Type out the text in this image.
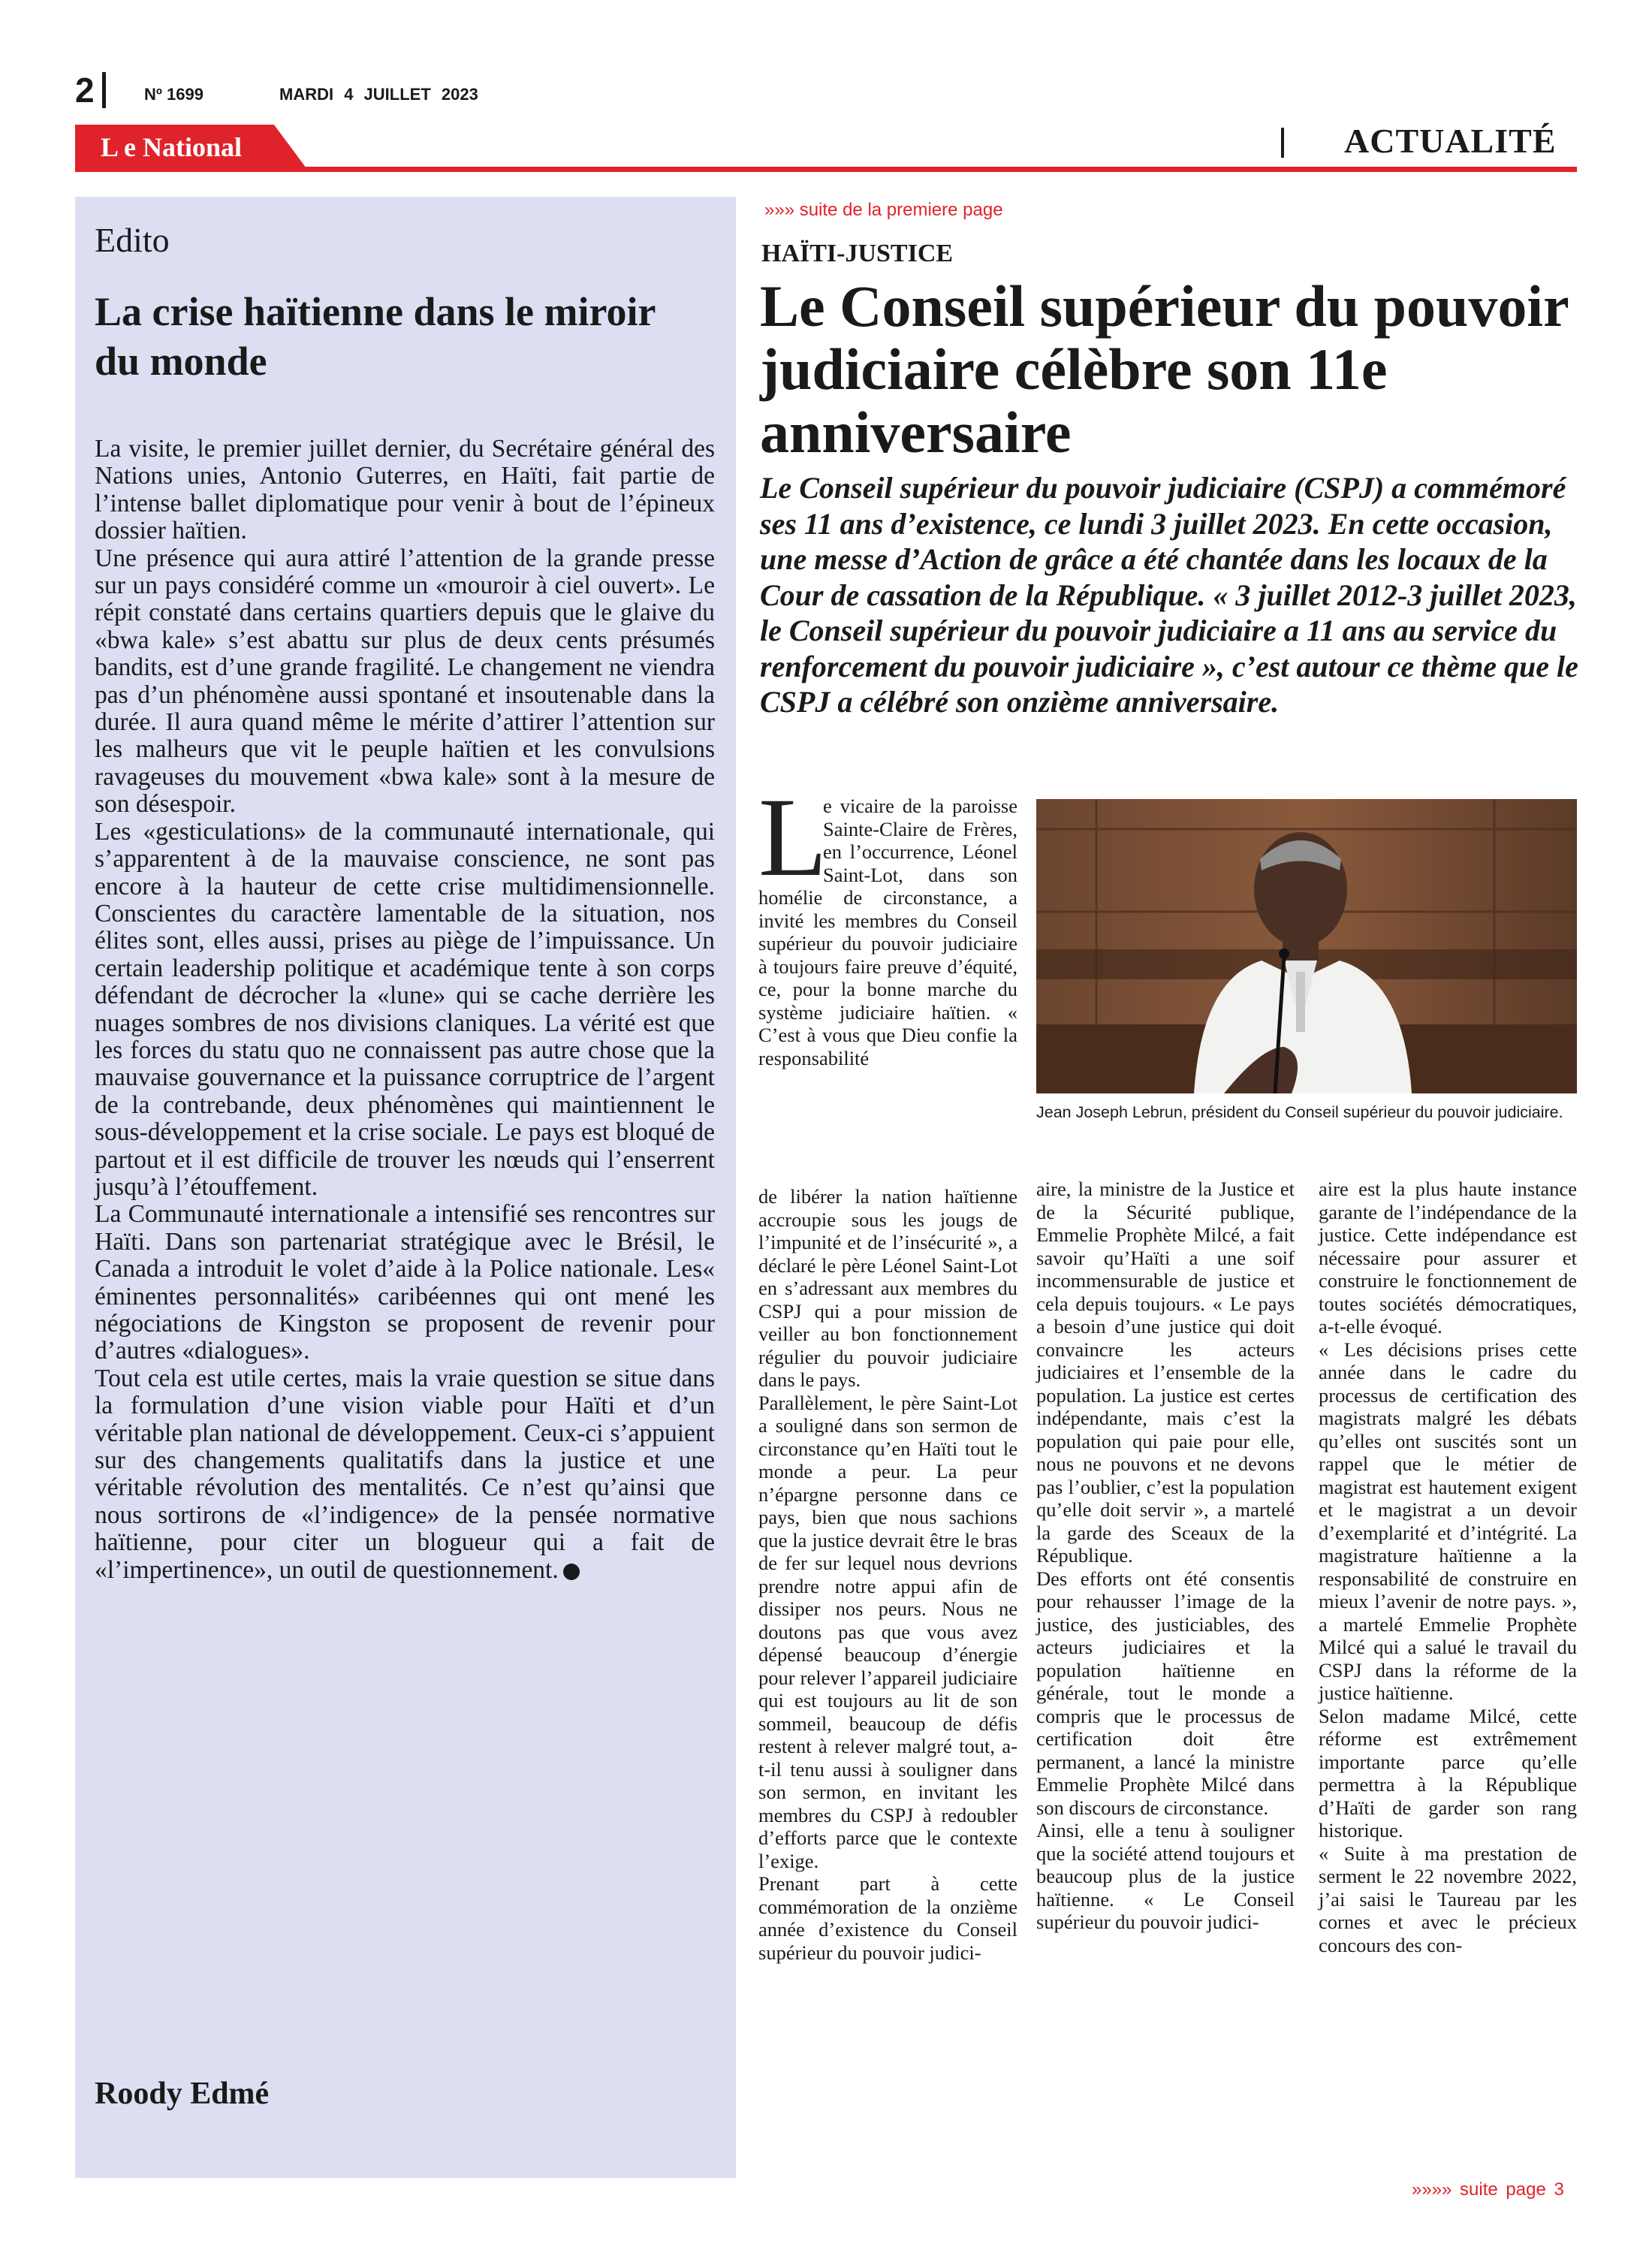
2	Nº 1699	MARDI 4 JUILLET 2023
L e National	ACTUALITÉ
Edito
La crise haïtienne dans le miroir du monde

La visite, le premier juillet dernier, du Secrétaire général des Nations unies, Antonio Guterres, en Haïti, fait partie de l’intense ballet diplomatique pour venir à bout de l’épineux dossier haïtien.

Une présence qui aura attiré l’attention de la grande presse sur un pays considéré comme un «mouroir à ciel ouvert». Le répit constaté dans certains quartiers depuis que le glaive du «bwa kale» s’est abattu sur plus de deux cents présumés bandits, est d’une grande fragilité. Le changement ne viendra pas d’un phénomène aussi spontané et insoutenable dans la durée. Il aura quand même le mérite d’attirer l’attention sur les malheurs que vit le peuple haïtien et les convulsions ravageuses du mouvement «bwa kale» sont à la mesure de son désespoir.

Les «gesticulations» de la communauté internationale, qui s’apparentent à de la mauvaise conscience, ne sont pas encore à la hauteur de cette crise multidimensionnelle. Conscientes du caractère lamentable de la situation, nos élites sont, elles aussi, prises au piège de l’impuissance. Un certain leadership politique et académique tente à son corps défendant de décrocher la «lune» qui se cache derrière les nuages sombres de nos divisions claniques. La vérité est que les forces du statu quo ne connaissent pas autre chose que la mauvaise gouvernance et la puissance corruptrice de l’argent de la contrebande, deux phénomènes qui maintiennent le sous-développement et la crise sociale. Le pays est bloqué de partout et il est difficile de trouver les nœuds qui l’enserrent jusqu’à l’étouffement.

La Communauté internationale a intensifié ses rencontres sur Haïti. Dans son partenariat stratégique avec le Brésil, le Canada a introduit le volet d’aide à la Police nationale. Les« éminentes personnalités» caribéennes qui ont mené les négociations de Kingston se proposent de revenir pour d’autres «dialogues».

Tout cela est utile certes, mais la vraie question se situe dans la formulation d’une vision viable pour Haïti et d’un véritable plan national de développement. Ceux-ci s’appuient sur des changements qualitatifs dans la justice et une véritable révolution des mentalités. Ce n’est qu’ainsi que nous sortirons de «l’indigence» de la pensée normative haïtienne, pour citer un blogueur qui a fait de «l’impertinence», un outil de questionnement.

Roody Edmé
»»» suite de la premiere page
HAÏTI-JUSTICE
Le Conseil supérieur du pouvoir judiciaire célèbre son 11e anniversaire
Le Conseil supérieur du pouvoir judiciaire (CSPJ) a commémoré ses 11 ans d’existence, ce lundi 3 juillet 2023. En cette occasion, une messe d’Action de grâce a été chantée dans les locaux de la Cour de cassation de la République. « 3 juillet 2012-3 juillet 2023, le Conseil supérieur du pouvoir judiciaire a 11 ans au service du renforcement du pouvoir judiciaire », c’est autour ce thème que le CSPJ a célébré son onzième anniversaire.
Jean Joseph Lebrun, président du Conseil supérieur du pouvoir judiciaire.
L

e vicaire de la paroisse Sainte-Claire de Frères, en l’occurrence, Léonel Saint-Lot, dans son homélie de circonstance, a invité les membres du Conseil supérieur du pouvoir judiciaire à toujours faire preuve d’équité, ce, pour la bonne marche du système judiciaire haïtien. « C’est à vous que Dieu confie la responsabilité

de libérer la nation haïtienne accroupie sous les jougs de l’impunité et de l’insécurité », a déclaré le père Léonel Saint-Lot en s’adressant aux membres du CSPJ qui a pour mission de veiller au bon fonctionnement régulier du pouvoir judiciaire dans le pays.

Parallèlement, le père Saint-Lot a souligné dans son sermon de circonstance qu’en Haïti tout le monde a peur. La peur n’épargne personne dans ce pays, bien que nous sachions que la justice devrait être le bras de fer sur lequel nous devrions prendre notre appui afin de dissiper nos peurs. Nous ne doutons pas que vous avez dépensé beaucoup d’énergie pour relever l’appareil judiciaire qui est toujours au lit de son sommeil, beaucoup de défis restent à relever malgré tout, a-t-il tenu aussi à souligner dans son sermon, en invitant les membres du CSPJ à redoubler d’efforts parce que le contexte l’exige.

Prenant part à cette commémoration de la onzième année d’existence du Conseil supérieur du pouvoir judici-

aire, la ministre de la Justice et de la Sécurité publique, Emmelie Prophète Milcé, a fait savoir qu’Haïti a une soif incommensurable de justice et cela depuis toujours. « Le pays a besoin d’une justice qui doit convaincre les acteurs judiciaires et l’ensemble de la population. La justice est certes indépendante, mais c’est la population qui paie pour elle, nous ne pouvons et ne devons pas l’oublier, c’est la population qu’elle doit servir », a martelé la garde des Sceaux de la République.

Des efforts ont été consentis pour rehausser l’image de la justice, des justiciables, des acteurs judiciaires et la population haïtienne en générale, tout le monde a compris que le processus de certification doit être permanent, a lancé la ministre Emmelie Prophète Milcé dans son discours de circonstance.

Ainsi, elle a tenu à souligner que la société attend toujours et beaucoup plus de la justice haïtienne. « Le Conseil supérieur du pouvoir judici-

aire est la plus haute instance garante de l’indépendance de la justice. Cette indépendance est nécessaire pour assurer et construire le fonctionnement de toutes sociétés démocratiques, a-t-elle évoqué.

« Les décisions prises cette année dans le cadre du processus de certification des magistrats malgré les débats qu’elles ont suscités sont un rappel que le métier de magistrat est hautement exigent et le magistrat a un devoir d’exemplarité et d’intégrité. La magistrature haïtienne a la responsabilité de construire en mieux l’avenir de notre pays. », a martelé Emmelie Prophète Milcé qui a salué le travail du CSPJ dans la réforme de la justice haïtienne.

Selon madame Milcé, cette réforme est extrêmement importante parce qu’elle permettra à la République d’Haïti de garder son rang historique.

« Suite à ma prestation de serment le 22 novembre 2022, j’ai saisi le Taureau par les cornes et avec le précieux concours des con-

»»»» suite page 3
